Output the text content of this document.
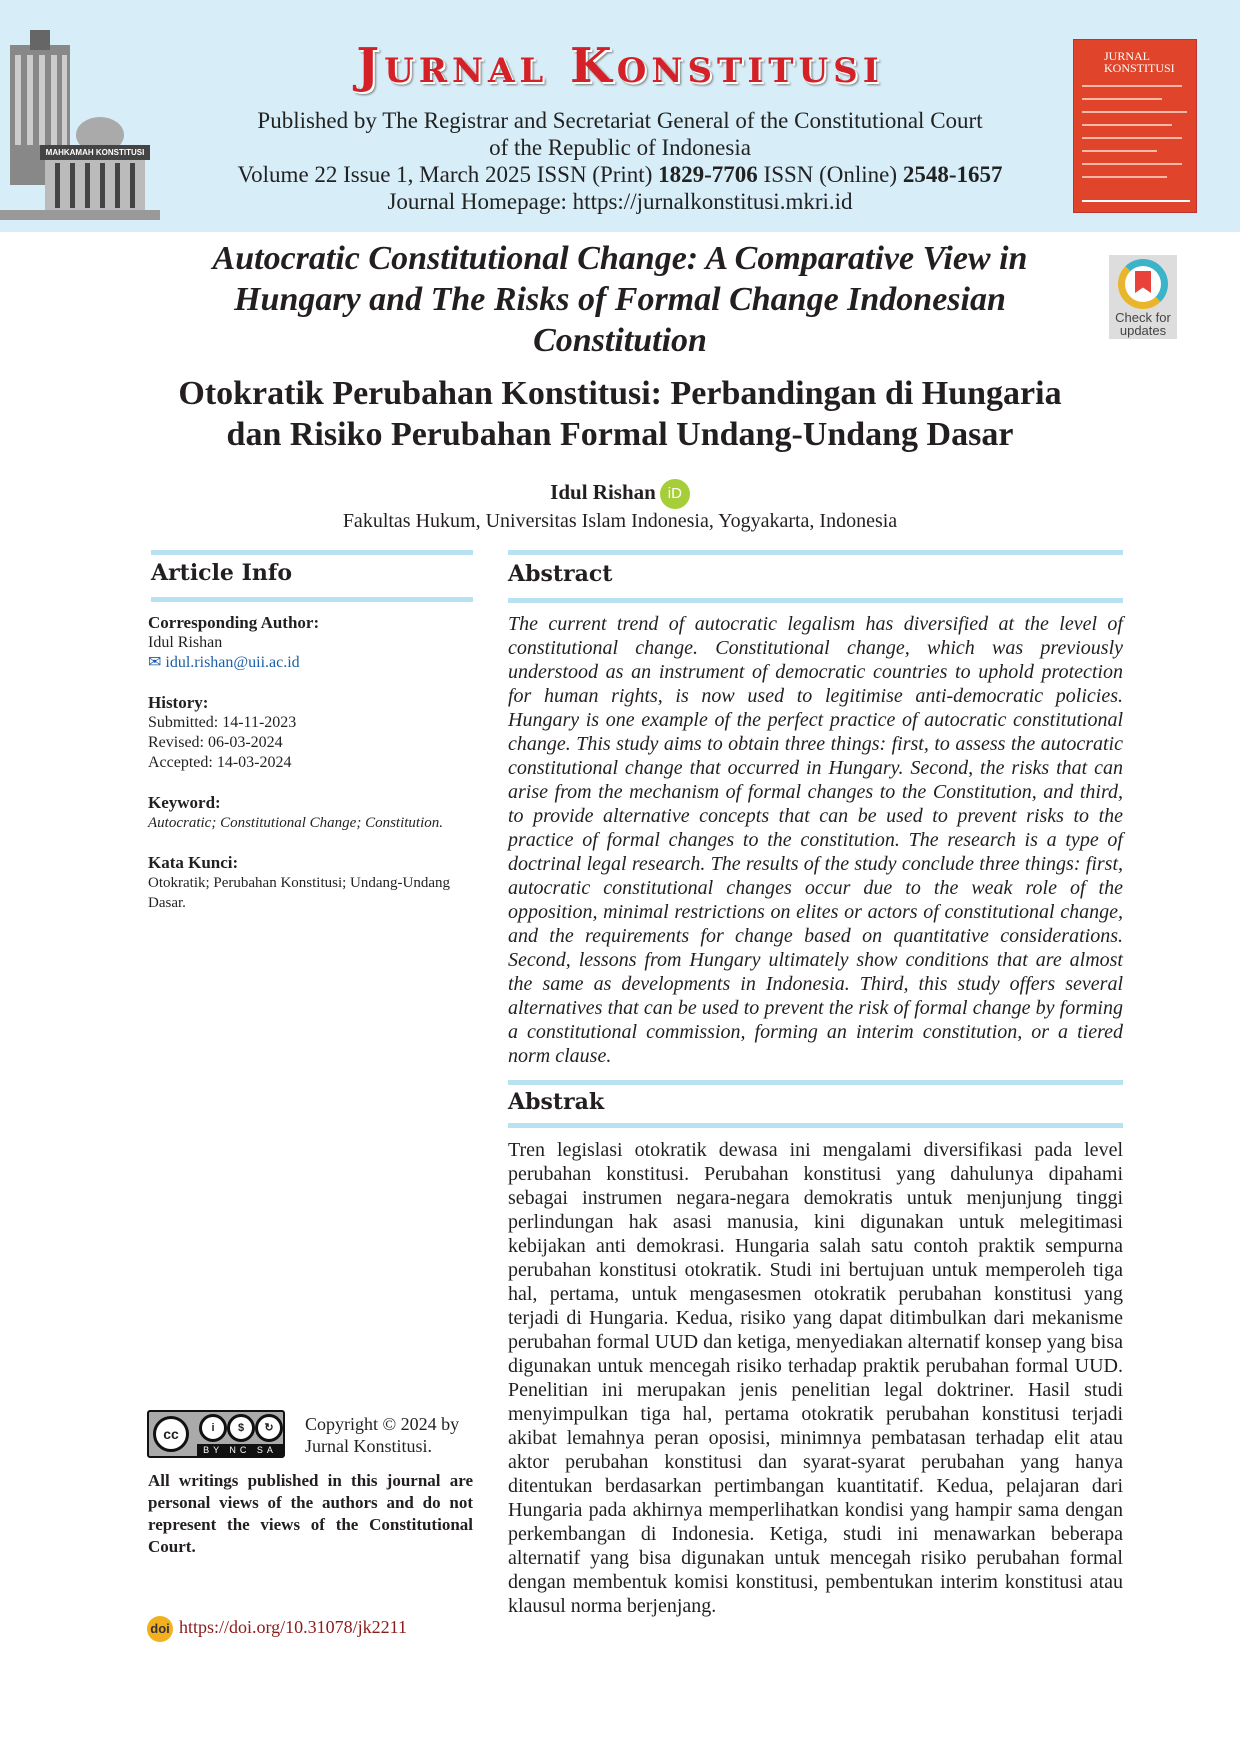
MAHKAMAH KONSTITUSI
Jurnal Konstitusi
Published by The Registrar and Secretariat General of the Constitutional Court
of the Republic of Indonesia
Volume 22 Issue 1, March 2025 ISSN (Print) 1829-7706 ISSN (Online) 2548-1657
Journal Homepage: https://jurnalkonstitusi.mkri.id
JURNAL KONSTITUSI
Autocratic Constitutional Change: A Comparative View in Hungary and The Risks of Formal Change Indonesian Constitution
Otokratik Perubahan Konstitusi: Perbandingan di Hungaria dan Risiko Perubahan Formal Undang-Undang Dasar
Idul Rishan iD
Fakultas Hukum, Universitas Islam Indonesia, Yogyakarta, Indonesia
Check for updates
Article Info
Corresponding Author:
Idul Rishan
✉ idul.rishan@uii.ac.id
History:
Submitted: 14-11-2023
Revised: 06-03-2024
Accepted: 14-03-2024
Keyword:
Autocratic; Constitutional Change; Constitution.
Kata Kunci:
Otokratik; Perubahan Konstitusi; Undang-Undang Dasar.
cc	i	$	↻
BY NC SA
Copyright © 2024 by Jurnal Konstitusi.
All writings published in this journal are personal views of the authors and do not represent the views of the Constitutional Court.
doi https://doi.org/10.31078/jk2211
Abstract
The current trend of autocratic legalism has diversified at the level of constitutional change. Constitutional change, which was previously understood as an instrument of democratic countries to uphold protection for human rights, is now used to legitimise anti-democratic policies. Hungary is one example of the perfect practice of autocratic constitutional change. This study aims to obtain three things: first, to assess the autocratic constitutional change that occurred in Hungary. Second, the risks that can arise from the mechanism of formal changes to the Constitution, and third, to provide alternative concepts that can be used to prevent risks to the practice of formal changes to the constitution. The research is a type of doctrinal legal research. The results of the study conclude three things: first, autocratic constitutional changes occur due to the weak role of the opposition, minimal restrictions on elites or actors of constitutional change, and the requirements for change based on quantitative considerations. Second, lessons from Hungary ultimately show conditions that are almost the same as developments in Indonesia. Third, this study offers several alternatives that can be used to prevent the risk of formal change by forming a constitutional commission, forming an interim constitution, or a tiered norm clause.
Abstrak
Tren legislasi otokratik dewasa ini mengalami diversifikasi pada level perubahan konstitusi. Perubahan konstitusi yang dahulunya dipahami sebagai instrumen negara-negara demokratis untuk menjunjung tinggi perlindungan hak asasi manusia, kini digunakan untuk melegitimasi kebijakan anti demokrasi. Hungaria salah satu contoh praktik sempurna perubahan konstitusi otokratik. Studi ini bertujuan untuk memperoleh tiga hal, pertama, untuk mengasesmen otokratik perubahan konstitusi yang terjadi di Hungaria. Kedua, risiko yang dapat ditimbulkan dari mekanisme perubahan formal UUD dan ketiga, menyediakan alternatif konsep yang bisa digunakan untuk mencegah risiko terhadap praktik perubahan formal UUD. Penelitian ini merupakan jenis penelitian legal doktriner. Hasil studi menyimpulkan tiga hal, pertama otokratik perubahan konstitusi terjadi akibat lemahnya peran oposisi, minimnya pembatasan terhadap elit atau aktor perubahan konstitusi dan syarat-syarat perubahan yang hanya ditentukan berdasarkan pertimbangan kuantitatif. Kedua, pelajaran dari Hungaria pada akhirnya memperlihatkan kondisi yang hampir sama dengan perkembangan di Indonesia. Ketiga, studi ini menawarkan beberapa alternatif yang bisa digunakan untuk mencegah risiko perubahan formal dengan membentuk komisi konstitusi, pembentukan interim konstitusi atau klausul norma berjenjang.
